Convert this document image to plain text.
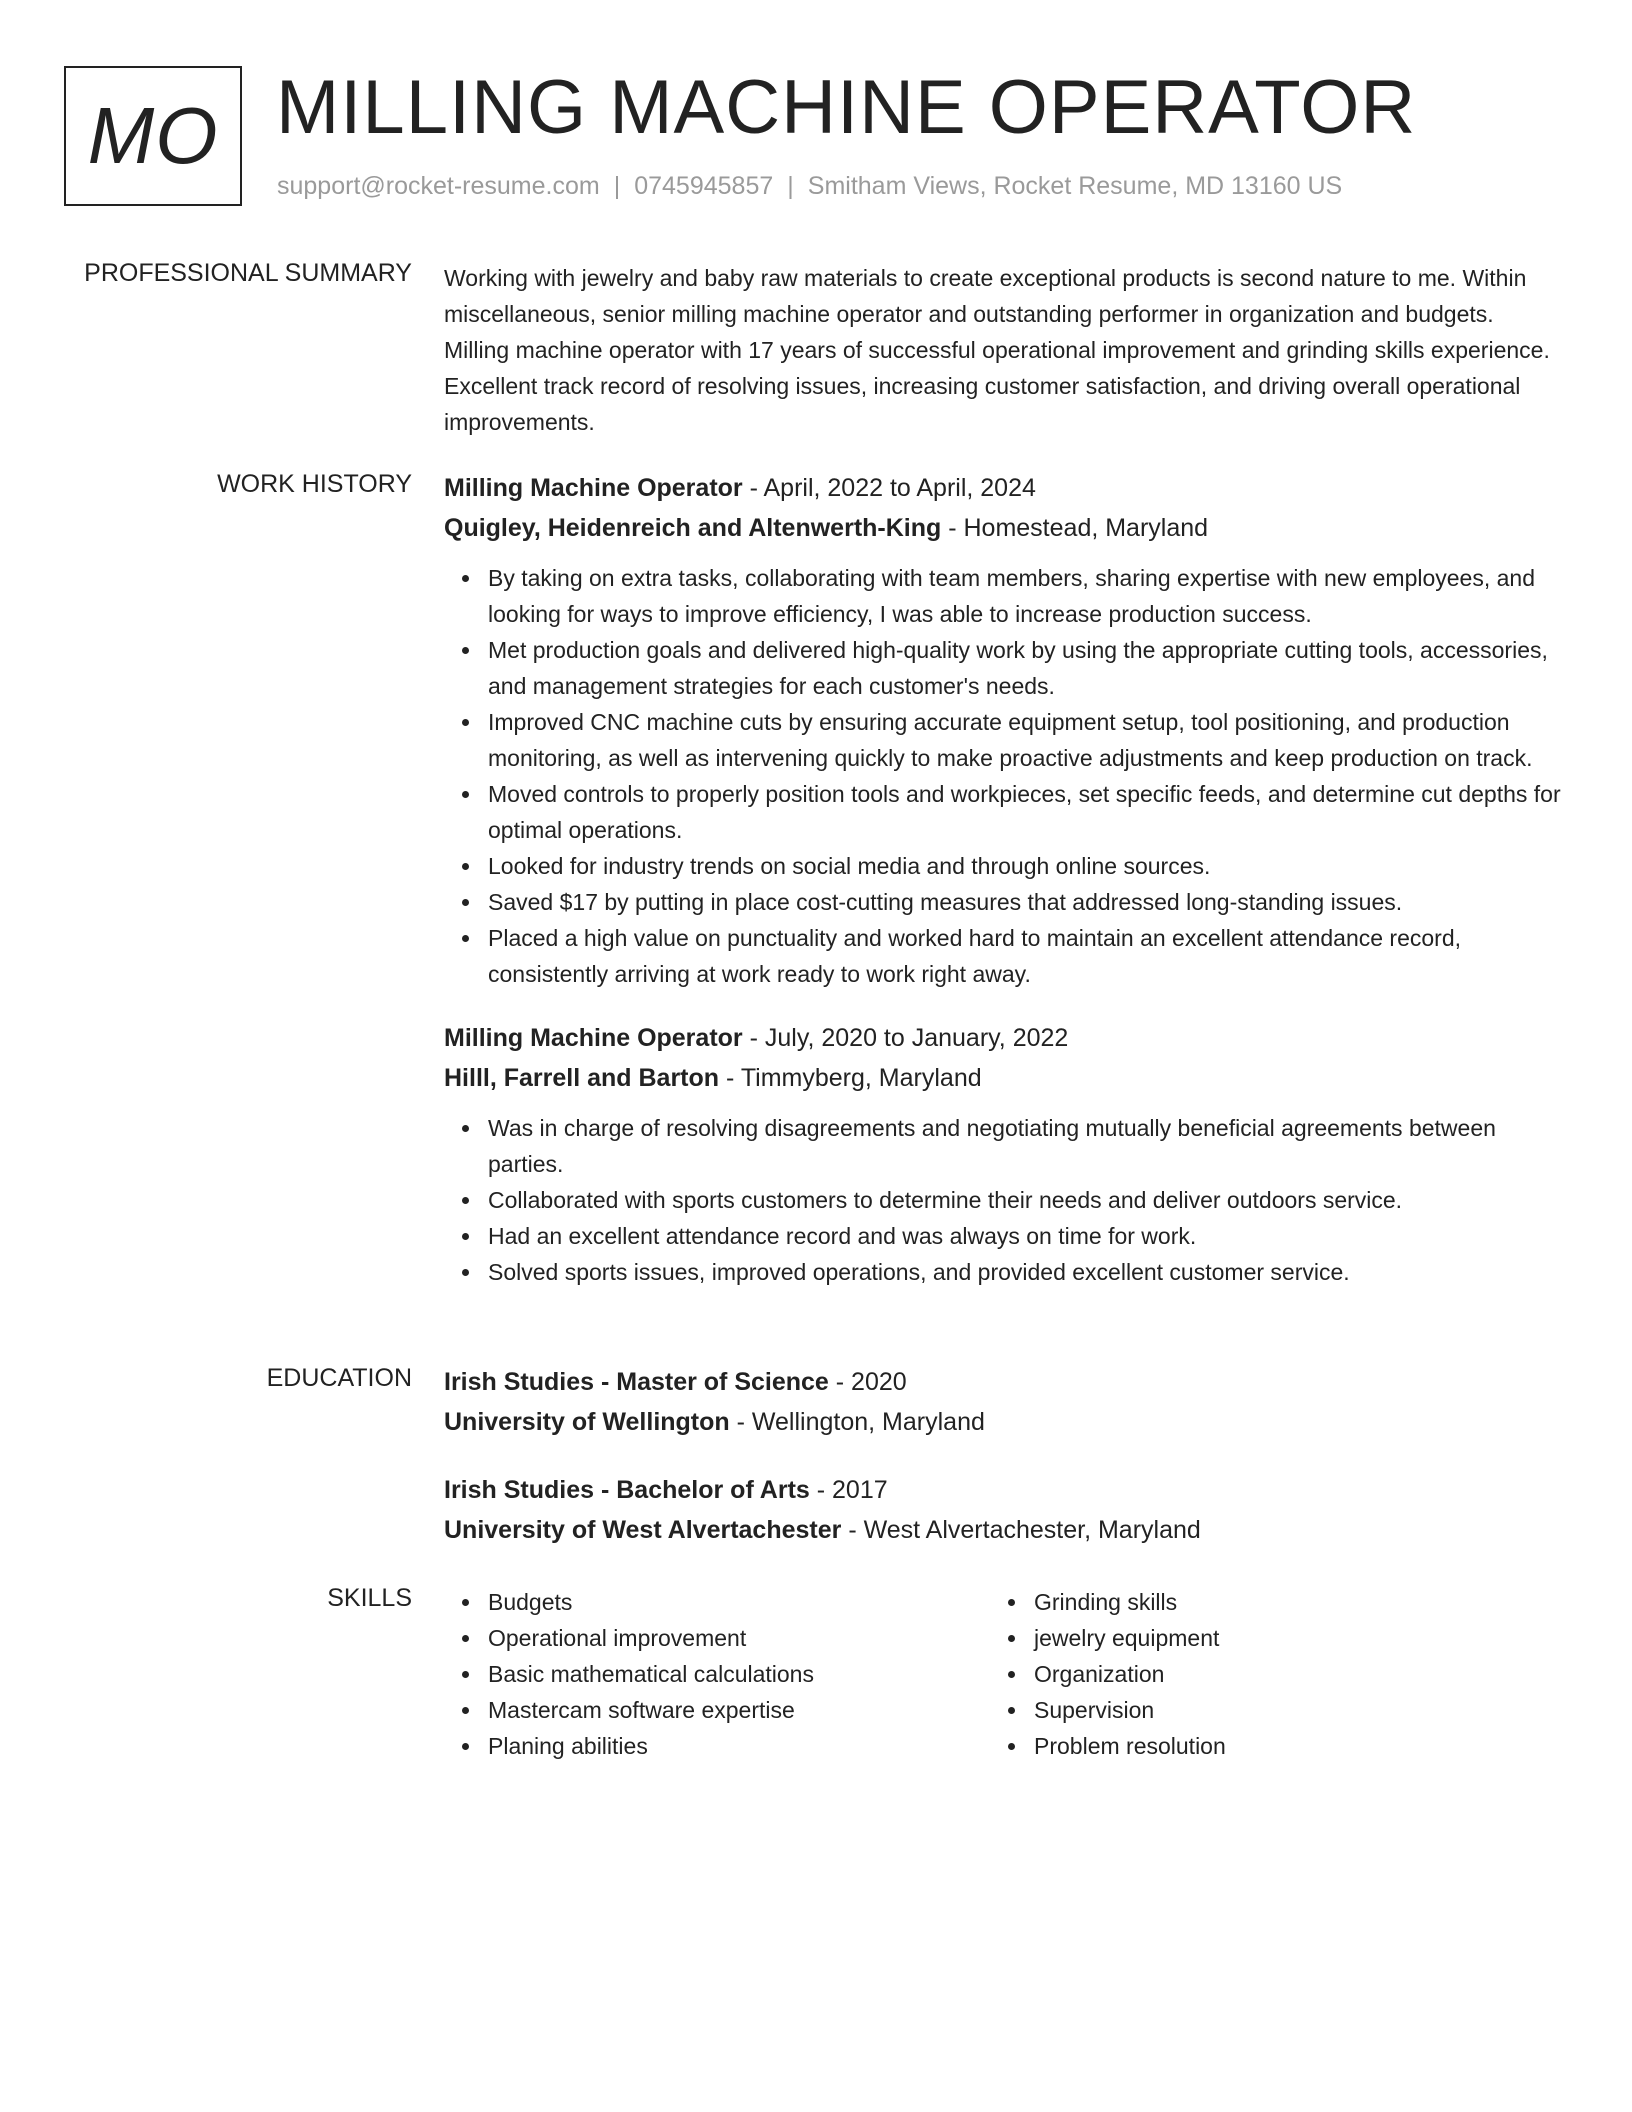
MO MILLING MACHINE OPERATOR
support@rocket-resume.com | 0745945857 | Smitham Views, Rocket Resume, MD 13160 US
PROFESSIONAL SUMMARY Working with jewelry and baby raw materials to create exceptional products is second nature to me. Within miscellaneous, senior milling machine operator and outstanding performer in organization and budgets. Milling machine operator with 17 years of successful operational improvement and grinding skills experience. Excellent track record of resolving issues, increasing customer satisfaction, and driving overall operational improvements.

WORK HISTORY Milling Machine Operator - April, 2022 to April, 2024
Quigley, Heidenreich and Altenwerth-King - Homestead, Maryland
By taking on extra tasks, collaborating with team members, sharing expertise with new employees, and looking for ways to improve efficiency, I was able to increase production success.
Met production goals and delivered high-quality work by using the appropriate cutting tools, accessories, and management strategies for each customer's needs.
Improved CNC machine cuts by ensuring accurate equipment setup, tool positioning, and production monitoring, as well as intervening quickly to make proactive adjustments and keep production on track.
Moved controls to properly position tools and workpieces, set specific feeds, and determine cut depths for optimal operations.
Looked for industry trends on social media and through online sources.
Saved $17 by putting in place cost-cutting measures that addressed long-standing issues.
Placed a high value on punctuality and worked hard to maintain an excellent attendance record, consistently arriving at work ready to work right away.
Milling Machine Operator - July, 2020 to January, 2022
Hilll, Farrell and Barton - Timmyberg, Maryland
Was in charge of resolving disagreements and negotiating mutually beneficial agreements between parties.
Collaborated with sports customers to determine their needs and deliver outdoors service.
Had an excellent attendance record and was always on time for work.
Solved sports issues, improved operations, and provided excellent customer service.
EDUCATION Irish Studies - Master of Science - 2020
University of Wellington - Wellington, Maryland
Irish Studies - Bachelor of Arts - 2017
University of West Alvertachester - West Alvertachester, Maryland
SKILLS	Budgets
Operational improvement
Basic mathematical calculations
Mastercam software expertise
Planing abilities
Grinding skills
jewelry equipment
Organization
Supervision
Problem resolution
